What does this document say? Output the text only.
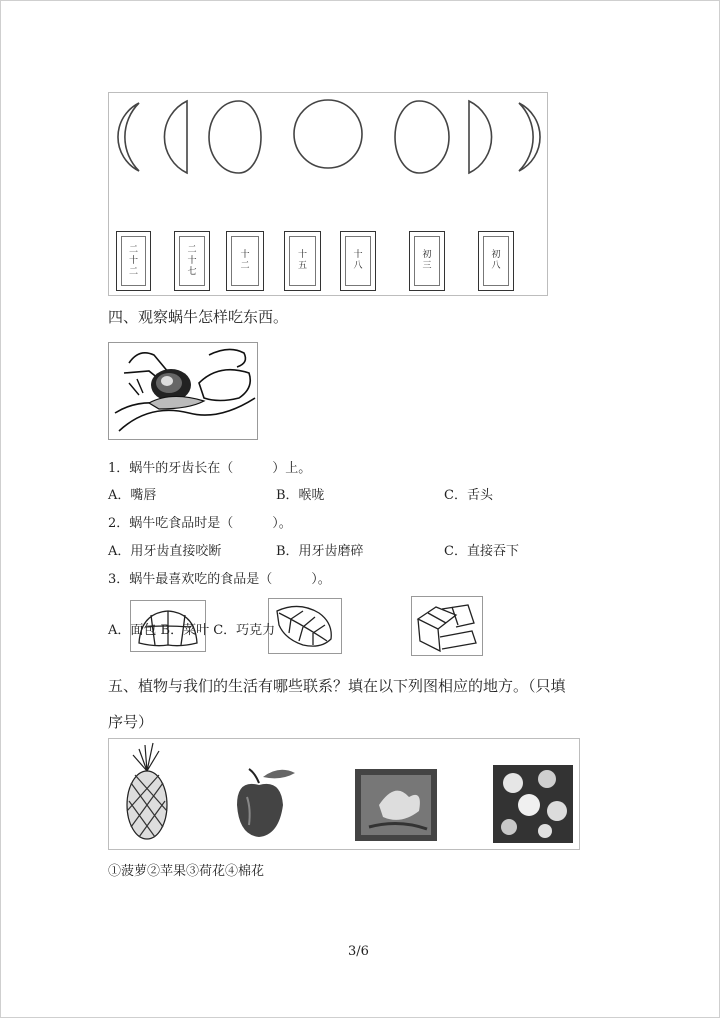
二
十
二
二
十
七
十
二
十
五
十
八
初
三
初
八
四、观察蜗牛怎样吃东西。
1．蜗牛的牙齿长在（　　　）上。
A．嘴唇	B．喉咙	C．舌头
2．蜗牛吃食品时是（　　　）。
A．用牙齿直接咬断	B．用牙齿磨碎	C．直接吞下
3．蜗牛最喜欢吃的食品是（　　　）。
A．面包 B．菜叶 C．巧克力
五、植物与我们的生活有哪些联系？填在以下列图相应的地方。（只填
序号）
①菠萝②苹果③荷花④棉花
3/6
